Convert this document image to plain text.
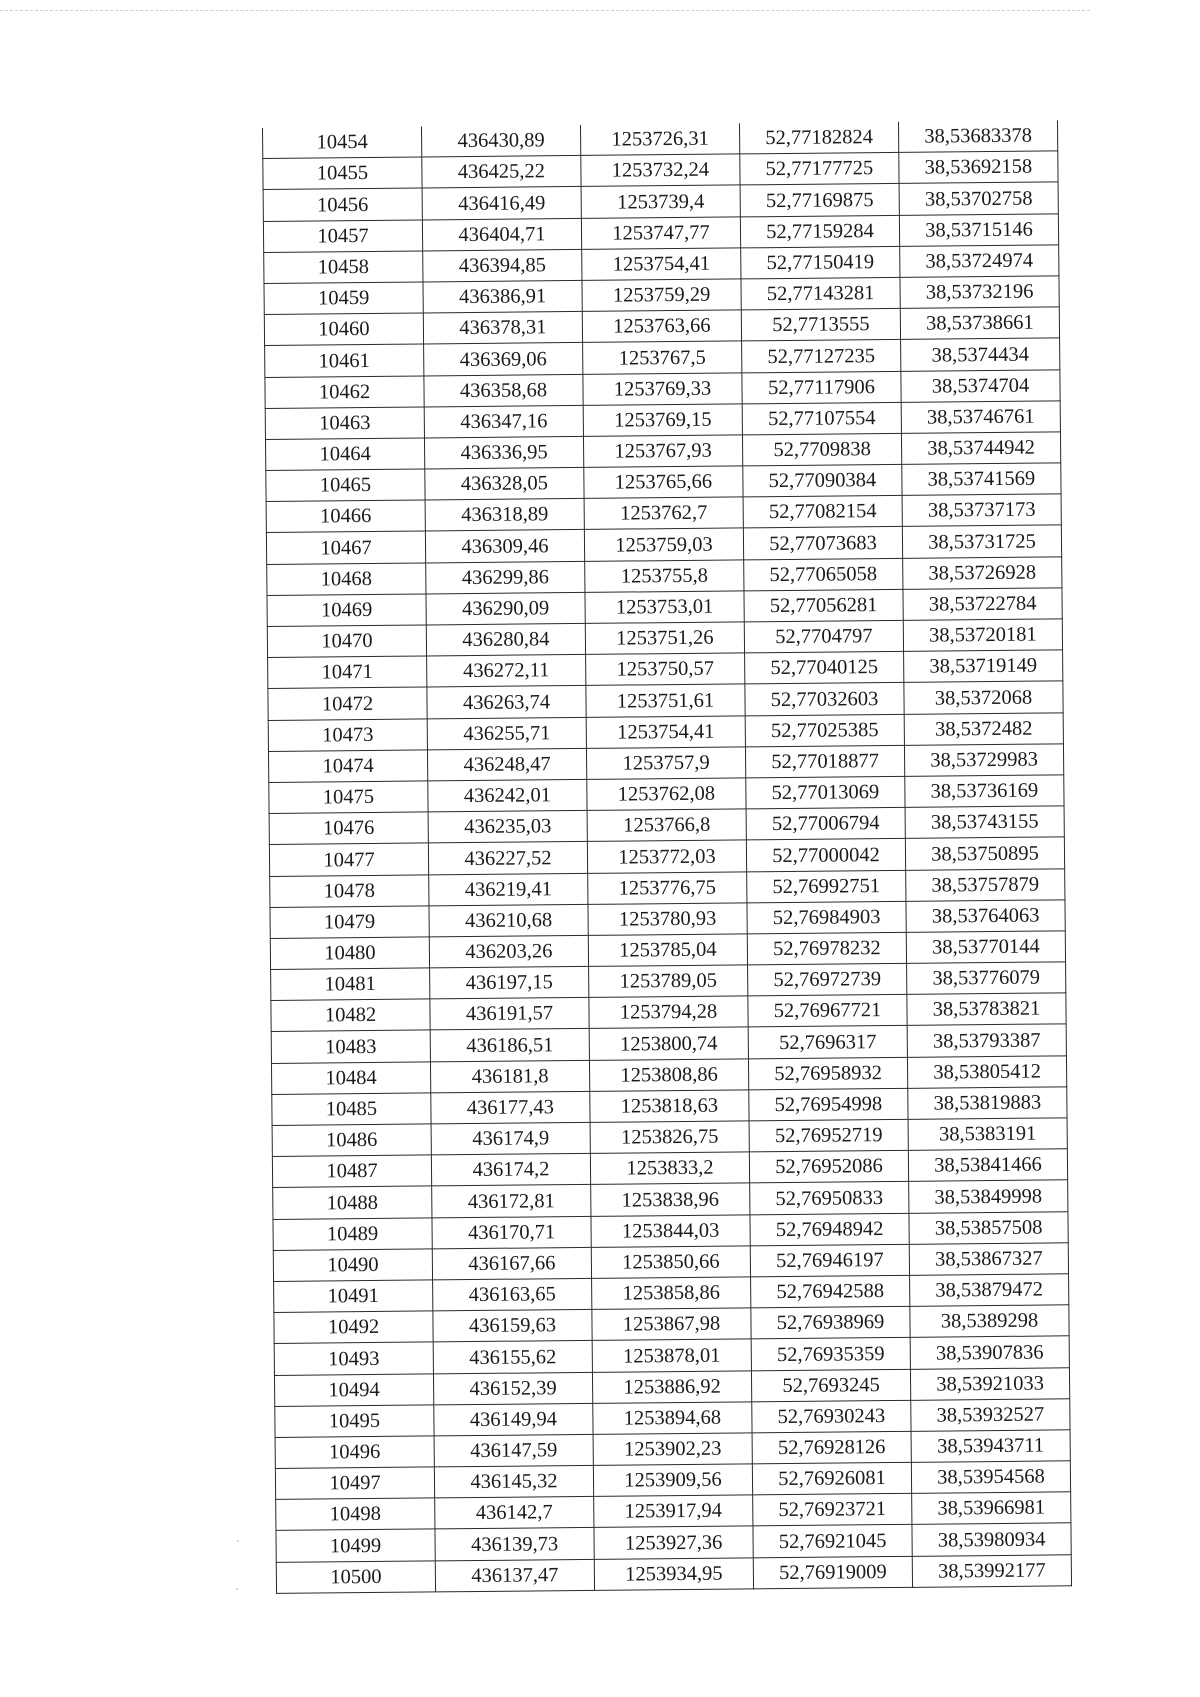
10454	436430,89	1253726,31	52,77182824	38,53683378
10455	436425,22	1253732,24	52,77177725	38,53692158
10456	436416,49	1253739,4	52,77169875	38,53702758
10457	436404,71	1253747,77	52,77159284	38,53715146
10458	436394,85	1253754,41	52,77150419	38,53724974
10459	436386,91	1253759,29	52,77143281	38,53732196
10460	436378,31	1253763,66	52,7713555	38,53738661
10461	436369,06	1253767,5	52,77127235	38,5374434
10462	436358,68	1253769,33	52,77117906	38,5374704
10463	436347,16	1253769,15	52,77107554	38,53746761
10464	436336,95	1253767,93	52,7709838	38,53744942
10465	436328,05	1253765,66	52,77090384	38,53741569
10466	436318,89	1253762,7	52,77082154	38,53737173
10467	436309,46	1253759,03	52,77073683	38,53731725
10468	436299,86	1253755,8	52,77065058	38,53726928
10469	436290,09	1253753,01	52,77056281	38,53722784
10470	436280,84	1253751,26	52,7704797	38,53720181
10471	436272,11	1253750,57	52,77040125	38,53719149
10472	436263,74	1253751,61	52,77032603	38,5372068
10473	436255,71	1253754,41	52,77025385	38,5372482
10474	436248,47	1253757,9	52,77018877	38,53729983
10475	436242,01	1253762,08	52,77013069	38,53736169
10476	436235,03	1253766,8	52,77006794	38,53743155
10477	436227,52	1253772,03	52,77000042	38,53750895
10478	436219,41	1253776,75	52,76992751	38,53757879
10479	436210,68	1253780,93	52,76984903	38,53764063
10480	436203,26	1253785,04	52,76978232	38,53770144
10481	436197,15	1253789,05	52,76972739	38,53776079
10482	436191,57	1253794,28	52,76967721	38,53783821
10483	436186,51	1253800,74	52,7696317	38,53793387
10484	436181,8	1253808,86	52,76958932	38,53805412
10485	436177,43	1253818,63	52,76954998	38,53819883
10486	436174,9	1253826,75	52,76952719	38,5383191
10487	436174,2	1253833,2	52,76952086	38,53841466
10488	436172,81	1253838,96	52,76950833	38,53849998
10489	436170,71	1253844,03	52,76948942	38,53857508
10490	436167,66	1253850,66	52,76946197	38,53867327
10491	436163,65	1253858,86	52,76942588	38,53879472
10492	436159,63	1253867,98	52,76938969	38,5389298
10493	436155,62	1253878,01	52,76935359	38,53907836
10494	436152,39	1253886,92	52,7693245	38,53921033
10495	436149,94	1253894,68	52,76930243	38,53932527
10496	436147,59	1253902,23	52,76928126	38,53943711
10497	436145,32	1253909,56	52,76926081	38,53954568
10498	436142,7	1253917,94	52,76923721	38,53966981
10499	436139,73	1253927,36	52,76921045	38,53980934
10500	436137,47	1253934,95	52,76919009	38,53992177
